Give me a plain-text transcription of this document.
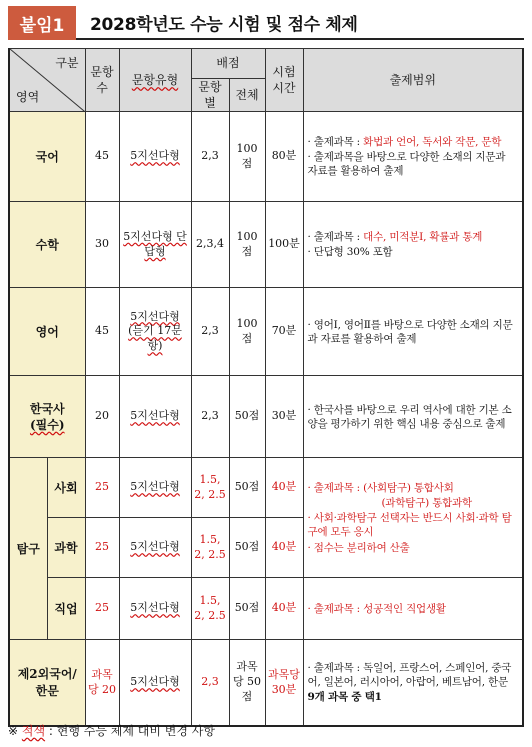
붙임1	2028학년도 수능 시험 및 점수 체제
구분
영역		문항 수	문항유형	배점		시험 시간	출제범위
				문항별	전체		
국어		45	5지선다형	2,3	100점	80분	· 출제과목 : 화법과 언어, 독서와 작문, 문학
· 출제과목을 바탕으로 다양한 소재의 지문과 자료를 활용하여 출제

수학		30	5지선다형 단답형	2,3,4	100점	100분	· 출제과목 : 대수, 미적분Ⅰ, 확률과 통계
· 단답형 30% 포함

영어		45	5지선다형 (듣기 17문항)	2,3	100점	70분	· 영어Ⅰ, 영어Ⅱ를 바탕으로 다양한 소재의 지문과 자료를 활용하여 출제

한국사
(필수)		20	5지선다형	2,3	50점	30분	· 한국사를 바탕으로 우리 역사에 대한 기본 소양을 평가하기 위한 핵심 내용 중심으로 출제
탐구	사회	25	5지선다형	1.5, 2, 2.5	50점	40분	· 출제과목 : (사회탐구) 통합사회
(과학탐구) 통합과학
· 사회·과학탐구 선택자는 반드시 사회·과학 탐구에 모두 응시
· 점수는 분리하여 산출

	과학	25	5지선다형	1.5, 2, 2.5	50점	40분	
	직업	25	5지선다형	1.5, 2, 2.5	50점	40분	· 출제과목 : 성공적인 직업생활
제2외국어/ 한문		과목당 20	5지선다형	2,3	과목당 50점	과목당 30분	· 출제과목 : 독일어, 프랑스어, 스페인어, 중국어, 일본어, 러시아어, 아랍어, 베트남어, 한문
9개 과목 중 택1
※ 적색 : 현행 수능 체제 대비 변경 사항
